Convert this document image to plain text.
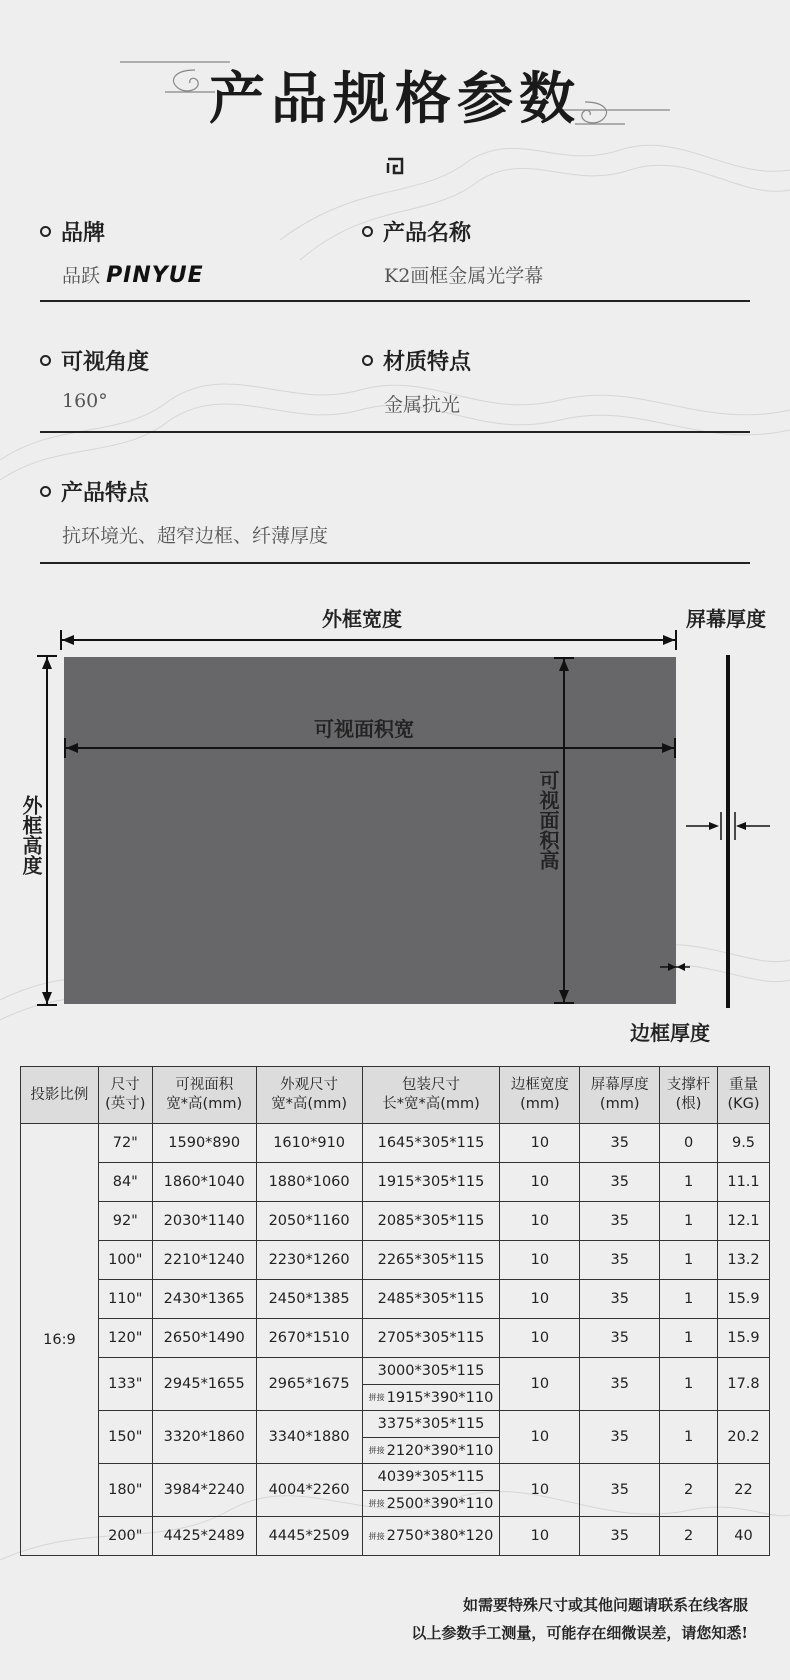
产品规格参数
品牌
品跃 PINYUE
产品名称
K2画框金属光学幕
可视角度
160°
材质特点
金属抗光
产品特点
抗环境光、超窄边框、纤薄厚度
外框宽度	屏幕厚度
可视面积宽
外框高度	可视面积高
边框厚度
投影比例	尺寸
(英寸)	可视面积
宽*高(mm)	外观尺寸
宽*高(mm)	包装尺寸
长*宽*高(mm)	边框宽度
(mm)	屏幕厚度
(mm)	支撑杆
(根)	重量
(KG)
16:9	72"	1590*890	1610*910	1645*305*115	10	35	0	9.5
	84"	1860*1040	1880*1060	1915*305*115	10	35	1	11.1
	92"	2030*1140	2050*1160	2085*305*115	10	35	1	12.1
	100"	2210*1240	2230*1260	2265*305*115	10	35	1	13.2
	110"	2430*1365	2450*1385	2485*305*115	10	35	1	15.9
	120"	2650*1490	2670*1510	2705*305*115	10	35	1	15.9
	133"	2945*1655	2965*1675	3000*305*115
拼接 1915*390*110	10	35	1	17.8
	150"	3320*1860	3340*1880	3375*305*115
拼接 2120*390*110	10	35	1	20.2
	180"	3984*2240	4004*2260	4039*305*115
拼接 2500*390*110	10	35	2	22
	200"	4425*2489	4445*2509	拼接 2750*380*120	10	35	2	40
如需要特殊尺寸或其他问题请联系在线客服
以上参数手工测量，可能存在细微误差，请您知悉!
